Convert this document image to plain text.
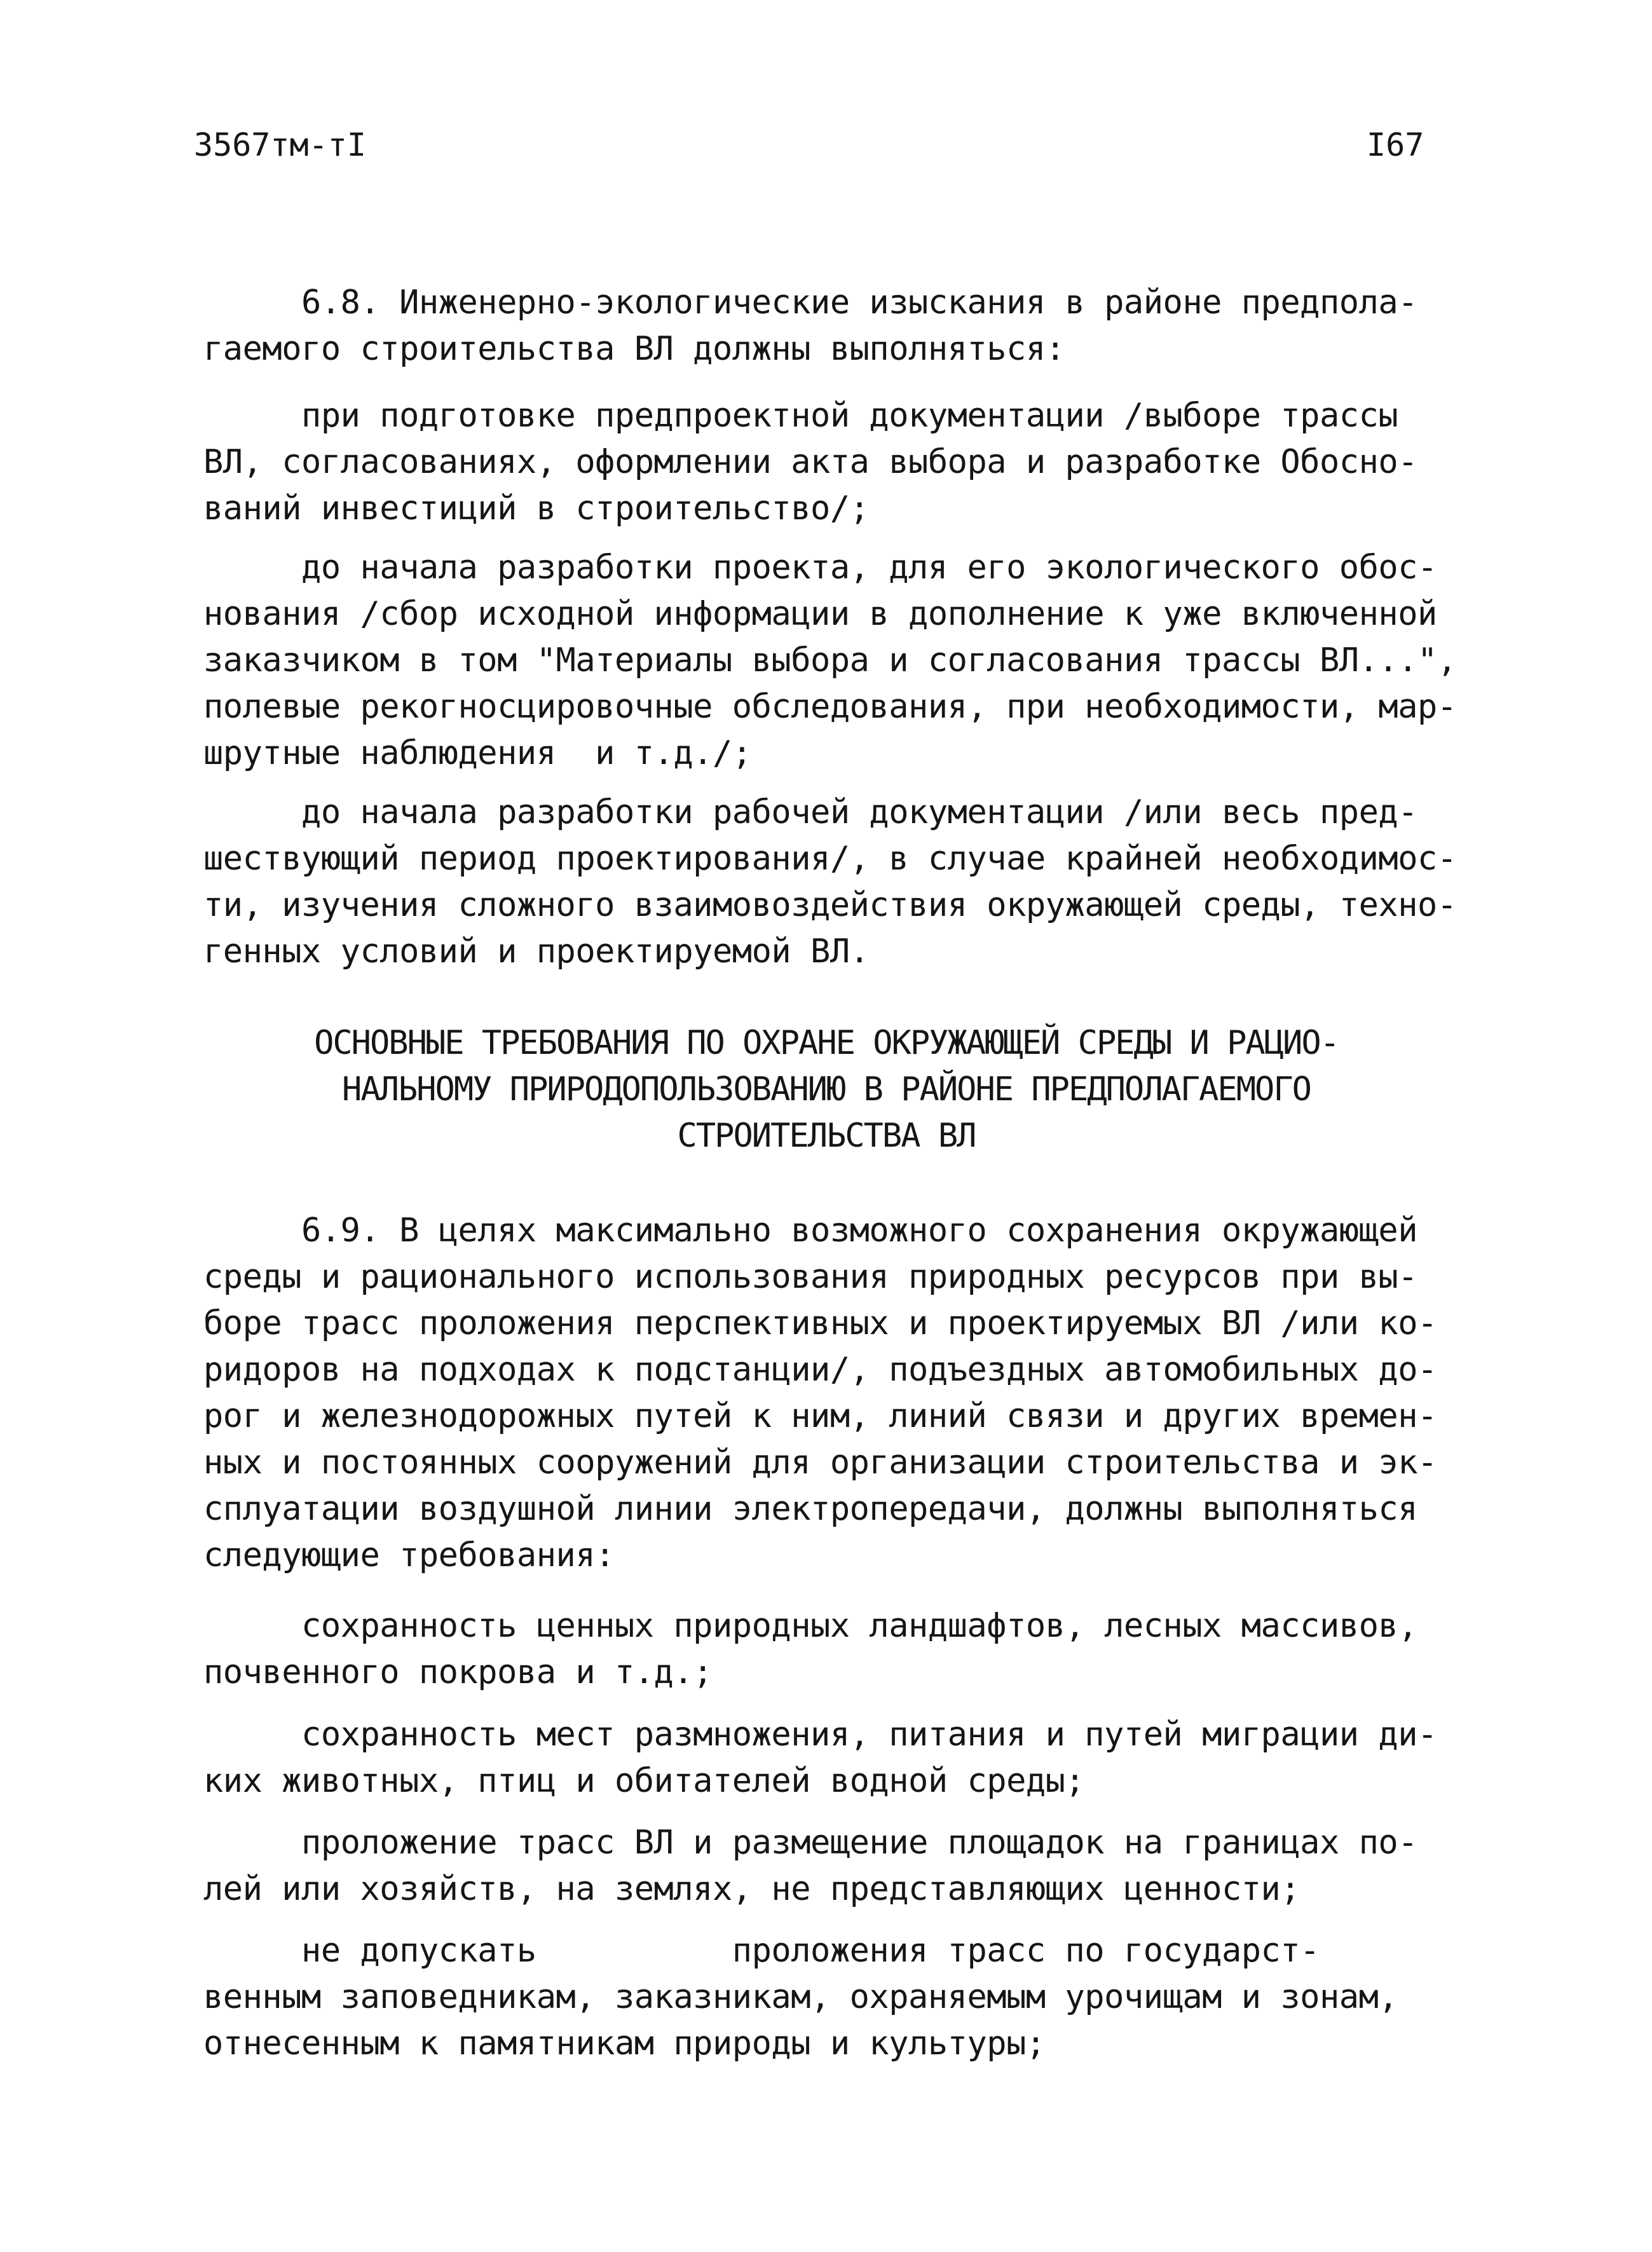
3567тм-тI	I67
6.8. Инженерно-экологические изыскания в районе предпола-
гаемого строительства ВЛ должны выполняться:
при подготовке предпроектной документации /выборе трассы
ВЛ, согласованиях, оформлении акта выбора и разработке Обосно-
ваний инвестиций в строительство/;
до начала разработки проекта, для его экологического обос-
нования /сбор исходной информации в дополнение к уже включенной
заказчиком в том "Материалы выбора и согласования трассы ВЛ...",
полевые рекогносцировочные обследования, при необходимости, мар-
шрутные наблюдения  и т.д./;
до начала разработки рабочей документации /или весь пред-
шествующий период проектирования/, в случае крайней необходимос-
ти, изучения сложного взаимовоздействия окружающей среды, техно-
генных условий и проектируемой ВЛ.
ОСНОВНЫЕ ТРЕБОВАНИЯ ПО ОХРАНЕ ОКРУЖАЮЩЕЙ СРЕДЫ И РАЦИО-
НАЛЬНОМУ ПРИРОДОПОЛЬЗОВАНИЮ В РАЙОНЕ ПРЕДПОЛАГАЕМОГО
СТРОИТЕЛЬСТВА ВЛ
6.9. В целях максимально возможного сохранения окружающей
среды и рационального использования природных ресурсов при вы-
боре трасс проложения перспективных и проектируемых ВЛ /или ко-
ридоров на подходах к подстанции/, подъездных автомобильных до-
рог и железнодорожных путей к ним, линий связи и других времен-
ных и постоянных сооружений для организации строительства и эк-
сплуатации воздушной линии электропередачи, должны выполняться
следующие требования:
сохранность ценных природных ландшафтов, лесных массивов,
почвенного покрова и т.д.;
сохранность мест размножения, питания и путей миграции ди-
ких животных, птиц и обитателей водной среды;
проложение трасс ВЛ и размещение площадок на границах по-
лей или хозяйств, на землях, не представляющих ценности;
не допускать          проложения трасс по государст-
венным заповедникам, заказникам, охраняемым урочищам и зонам,
отнесенным к памятникам природы и культуры;
